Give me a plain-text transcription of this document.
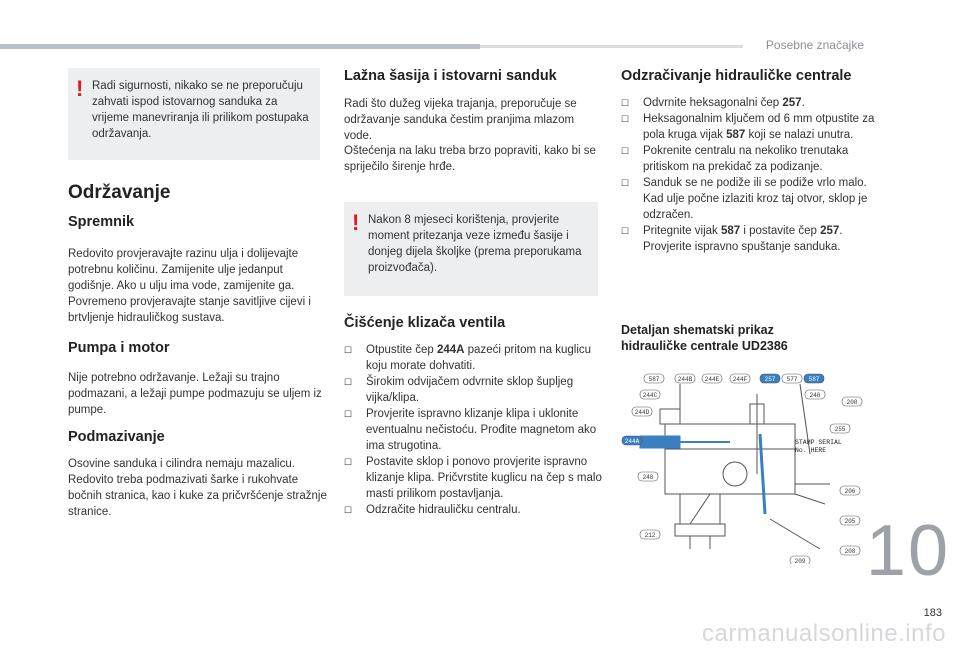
Posebne značajke
10
183
carmanualsonline.info
! Radi sigurnosti, nikako se ne preporučuju zahvati ispod istovarnog sanduka za vrijeme manevriranja ili prilikom postupaka održavanja.
Održavanje
Spremnik

Redovito provjeravajte razinu ulja i dolijevajte potrebnu količinu. Zamijenite ulje jedanput godišnje. Ako u ulju ima vode, zamijenite ga. Povremeno provjeravajte stanje savitljive cijevi i brtvljenje hidrauličkog sustava.

Pumpa i motor

Nije potrebno održavanje. Ležaji su trajno podmazani, a ležaji pumpe podmazuju se uljem iz pumpe.

Podmazivanje

Osovine sanduka i cilindra nemaju mazalicu. Redovito treba podmazivati šarke i rukohvate bočnih stranica, kao i kuke za pričvršćenje stražnje stranice.

Lažna šasija i istovarni sanduk

Radi što dužeg vijeka trajanja, preporučuje se održavanje sanduka čestim pranjima mlazom vode.

Oštećenja na laku treba brzo popraviti, kako bi se spriječilo širenje hrđe.

! Nakon 8 mjeseci korištenja, provjerite moment pritezanja veze između šasije i donjeg dijela školjke (prema preporukama proizvođača).
Čišćenje klizača ventila
☐ Otpustite čep 244A pazeći pritom na kuglicu koju morate dohvatiti.
☐ Širokim odvijačem odvrnite sklop šupljeg vijka/klipa.
☐ Provjerite ispravno klizanje klipa i uklonite eventualnu nečistoću. Prođite magnetom ako ima strugotina.
☐ Postavite sklop i ponovo provjerite ispravno klizanje klipa. Pričvrstite kuglicu na čep s malo masti prilikom postavljanja.
☐ Odzračite hidrauličku centralu.
Odzračivanje hidrauličke centrale
☐ Odvrnite heksagonalni čep 257.
☐ Heksagonalnim ključem od 6 mm otpustite za pola kruga vijak 587 koji se nalazi unutra.
☐ Pokrenite centralu na nekoliko trenutaka pritiskom na prekidač za podizanje.
☐ Sanduk se ne podiže ili se podiže vrlo malo. Kad ulje počne izlaziti kroz taj otvor, sklop je odzračen.
☐ Pritegnite vijak 587 i postavite čep 257. Provjerite ispravno spuštanje sanduka.
Detaljan shematski prikaz hidrauličke centrale UD2386
587	244B 244E 244F	257 577 587
244C	246
244D
208
255
244A
248
206
205
212
208
209
STAMP SERIAL No. HERE
